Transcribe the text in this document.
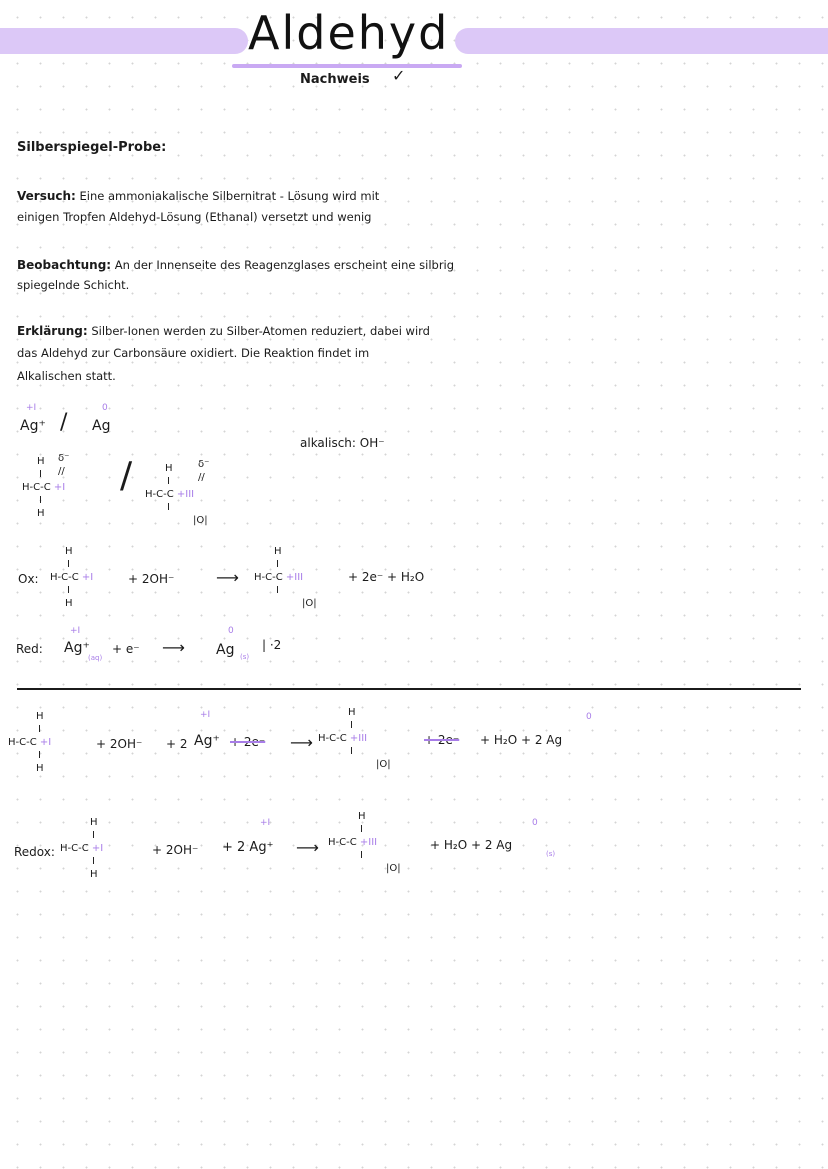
Aldehyd
Nachweis ✓
Silberspiegel-Probe:
Versuch: Eine ammoniakalische Silbernitrat - Lösung wird mit
einigen Tropfen Aldehyd-Lösung (Ethanal) versetzt und wenig
Beobachtung: An der Innenseite des Reagenzglases erscheint eine silbrig
spiegelnde Schicht.
Erklärung: Silber-Ionen werden zu Silber-Atomen reduziert, dabei wird
das Aldehyd zur Carbonsäure oxidiert. Die Reaktion findet im
Alkalischen statt.
+I
Ag⁺ /
0
Ag
alkalisch: OH⁻
H
I
H-C-C +I
I
H
δ⁻
// /	H
I
H-C-C +III
I
|O|
δ⁻
//
Ox:
H
I
H-C-C +I
I
H
+ 2OH⁻	⟶
H
I
H-C-C +III
I
|O|
+ 2e⁻ + H₂O
Red:
+I
Ag⁺
(aq)
+ e⁻ ⟶
0
Ag (s)
| ·2
H
I
H-C-C +I
I
H
+ 2OH⁻ + 2
+I
Ag⁺ + 2e⁻ ⟶
H
I
H-C-C +III
I
|O|
+ 2e⁻ + H₂O + 2 Ag
0
Redox:
H
I
H-C-C +I
I
H
+ 2OH⁻
+I
+ 2 Ag⁺ ⟶
H
I
H-C-C +III
I
|O|
+ H₂O + 2 Ag
(s)
0
